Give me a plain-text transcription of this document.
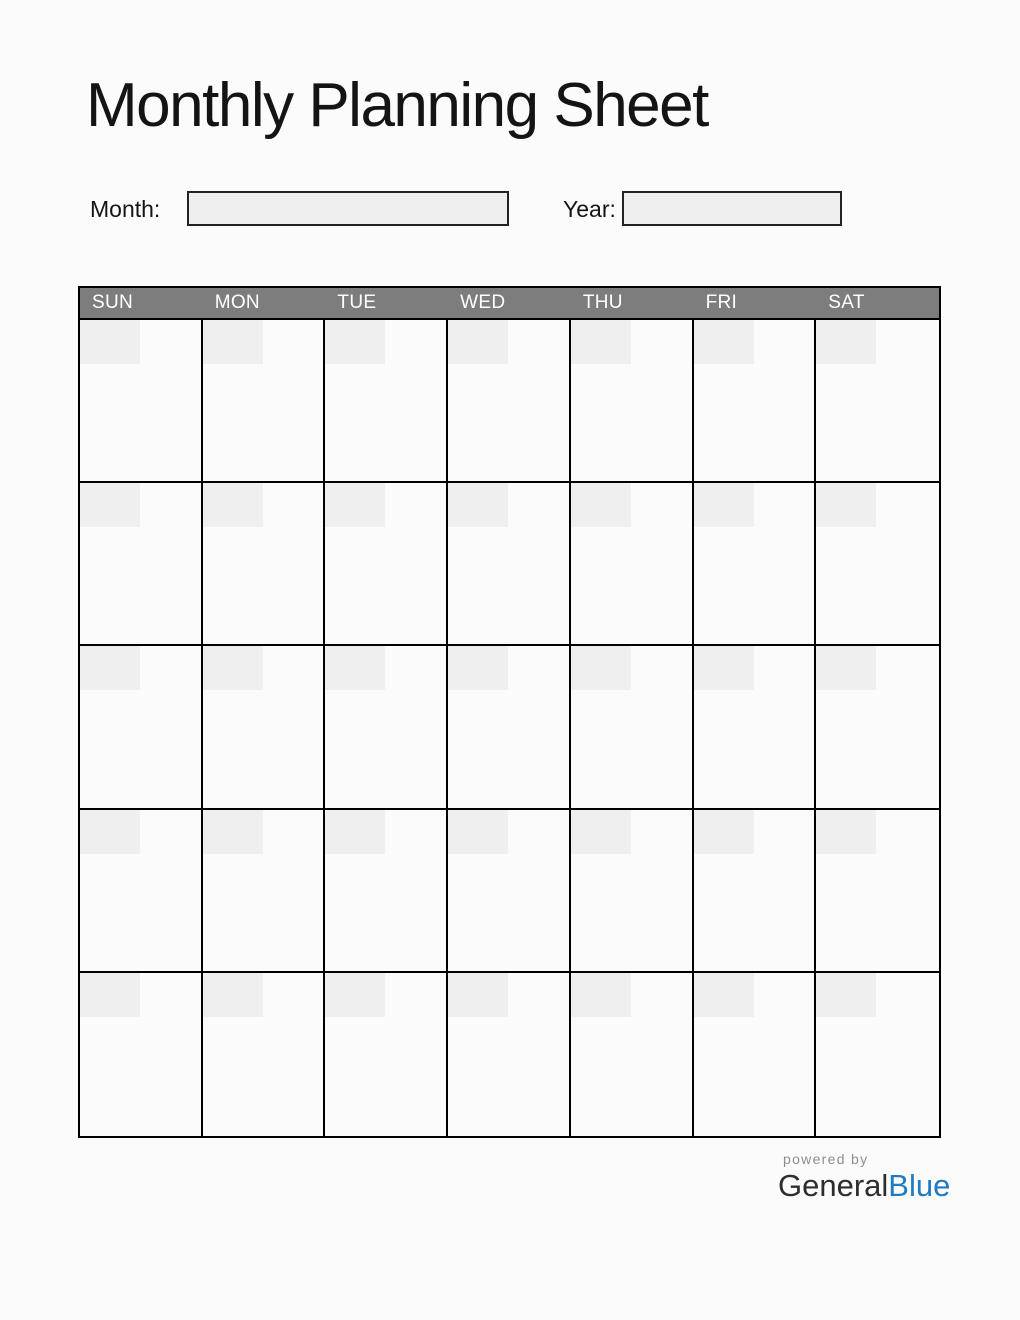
Monthly Planning Sheet
Month:	Year:
SUN	MON	TUE	WED	THU	FRI	SAT
powered by
GeneralBlue
